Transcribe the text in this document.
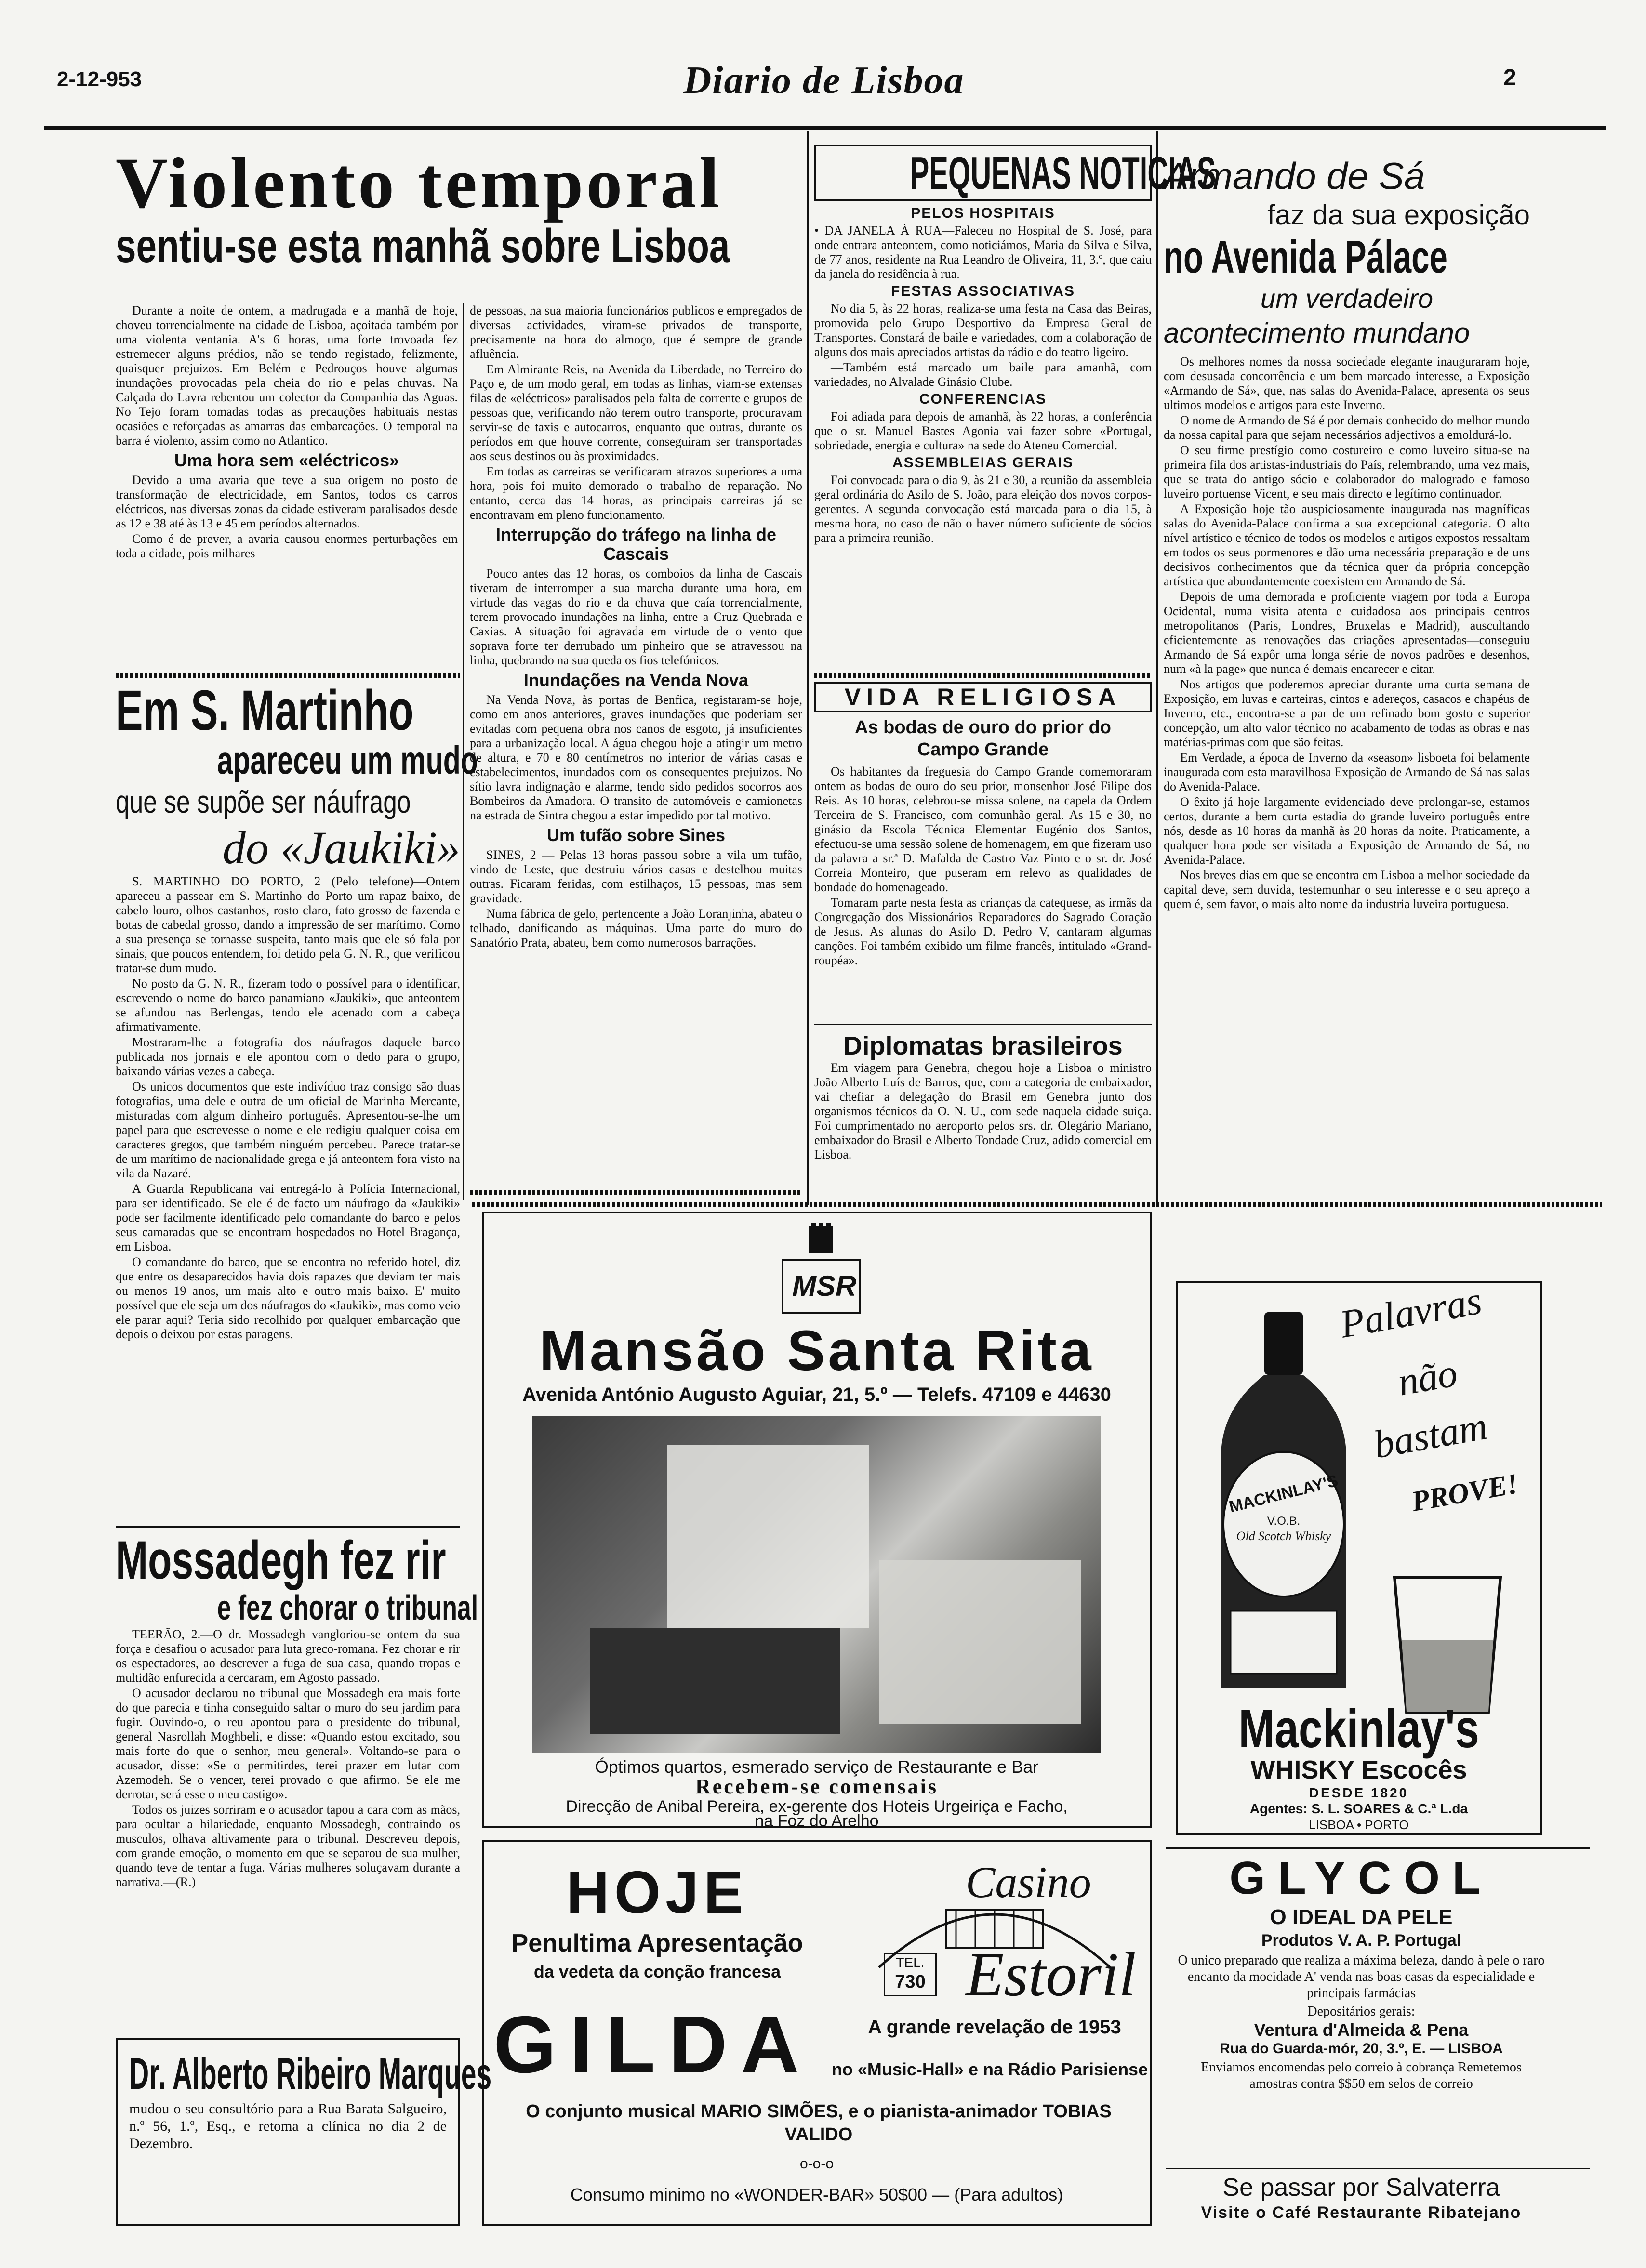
2-12-953	Diario de Lisboa	2
Violento temporal
sentiu-se esta manhã sobre Lisboa

Durante a noite de ontem, a madrugada e a manhã de hoje, choveu torrencialmente na cidade de Lisboa, açoitada também por uma violenta ventania. A's 6 horas, uma forte trovoada fez estremecer alguns prédios, não se tendo registado, felizmente, quaisquer prejuizos. Em Belém e Pedrouços houve algumas inundações provocadas pela cheia do rio e pelas chuvas. Na Calçada do Lavra rebentou um colector da Companhia das Aguas. No Tejo foram tomadas todas as precauções habituais nestas ocasiões e reforçadas as amarras das embarcações. O temporal na barra é violento, assim como no Atlantico.

Uma hora sem «eléctricos»

Devido a uma avaria que teve a sua origem no posto de transformação de electricidade, em Santos, todos os carros eléctricos, nas diversas zonas da cidade estiveram paralisados desde as 12 e 38 até às 13 e 45 em períodos alternados.

Como é de prever, a avaria causou enormes perturbações em toda a cidade, pois milhares

de pessoas, na sua maioria funcionários publicos e empregados de diversas actividades, viram-se privados de transporte, precisamente na hora do almoço, que é sempre de grande afluência.

Em Almirante Reis, na Avenida da Liberdade, no Terreiro do Paço e, de um modo geral, em todas as linhas, viam-se extensas filas de «eléctricos» paralisados pela falta de corrente e grupos de pessoas que, verificando não terem outro transporte, procuravam servir-se de taxis e autocarros, enquanto que outras, durante os períodos em que houve corrente, conseguiram ser transportadas aos seus destinos ou às proximidades.

Em todas as carreiras se verificaram atrazos superiores a uma hora, pois foi muito demorado o trabalho de reparação. No entanto, cerca das 14 horas, as principais carreiras já se encontravam em pleno funcionamento.

Interrupção do tráfego na linha de Cascais

Pouco antes das 12 horas, os comboios da linha de Cascais tiveram de interromper a sua marcha durante uma hora, em virtude das vagas do rio e da chuva que caía torrencialmente, terem provocado inundações na linha, entre a Cruz Quebrada e Caxias. A situação foi agravada em virtude de o vento que soprava forte ter derrubado um pinheiro que se atravessou na linha, quebrando na sua queda os fios telefónicos.

Inundações na Venda Nova

Na Venda Nova, às portas de Benfica, registaram-se hoje, como em anos anteriores, graves inundações que poderiam ser evitadas com pequena obra nos canos de esgoto, já insuficientes para a urbanização local. A água chegou hoje a atingir um metro de altura, e 70 e 80 centímetros no interior de várias casas e estabelecimentos, inundados com os consequentes prejuizos. No sítio lavra indignação e alarme, tendo sido pedidos socorros aos Bombeiros da Amadora. O transito de automóveis e camionetas na estrada de Sintra chegou a estar impedido por tal motivo.

Um tufão sobre Sines

SINES, 2 — Pelas 13 horas passou sobre a vila um tufão, vindo de Leste, que destruiu vários casas e destelhou muitas outras. Ficaram feridas, com estilhaços, 15 pessoas, mas sem gravidade.

Numa fábrica de gelo, pertencente a João Loranjinha, abateu o telhado, danificando as máquinas. Uma parte do muro do Sanatório Prata, abateu, bem como numerosos barrações.

Em S. Martinho
apareceu um mudo
que se supõe ser náufrago
do «Jaukiki»

S. MARTINHO DO PORTO, 2 (Pelo telefone)—Ontem apareceu a passear em S. Martinho do Porto um rapaz baixo, de cabelo louro, olhos castanhos, rosto claro, fato grosso de fazenda e botas de cabedal grosso, dando a impressão de ser marítimo. Como a sua presença se tornasse suspeita, tanto mais que ele só fala por sinais, que poucos entendem, foi detido pela G. N. R., que verificou tratar-se dum mudo.

No posto da G. N. R., fizeram todo o possível para o identificar, escrevendo o nome do barco panamiano «Jaukiki», que anteontem se afundou nas Berlengas, tendo ele acenado com a cabeça afirmativamente.

Mostraram-lhe a fotografia dos náufragos daquele barco publicada nos jornais e ele apontou com o dedo para o grupo, baixando várias vezes a cabeça.

Os unicos documentos que este indivíduo traz consigo são duas fotografias, uma dele e outra de um oficial de Marinha Mercante, misturadas com algum dinheiro português. Apresentou-se-lhe um papel para que escrevesse o nome e ele redigiu qualquer coisa em caracteres gregos, que também ninguém percebeu. Parece tratar-se de um marítimo de nacionalidade grega e já anteontem fora visto na vila da Nazaré.

A Guarda Republicana vai entregá-lo à Polícia Internacional, para ser identificado. Se ele é de facto um náufrago da «Jaukiki» pode ser facilmente identificado pelo comandante do barco e pelos seus camaradas que se encontram hospedados no Hotel Bragança, em Lisboa.

O comandante do barco, que se encontra no referido hotel, diz que entre os desaparecidos havia dois rapazes que deviam ter mais ou menos 19 anos, um mais alto e outro mais baixo. E' muito possível que ele seja um dos náufragos do «Jaukiki», mas como veio ele parar aqui? Teria sido recolhido por qualquer embarcação que depois o deixou por estas paragens.

Mossadegh fez rir
e fez chorar o tribunal

TEERÃO, 2.—O dr. Mossadegh vangloriou-se ontem da sua força e desafiou o acusador para luta greco-romana. Fez chorar e rir os espectadores, ao descrever a fuga de sua casa, quando tropas e multidão enfurecida a cercaram, em Agosto passado.

O acusador declarou no tribunal que Mossadegh era mais forte do que parecia e tinha conseguido saltar o muro do seu jardim para fugir. Ouvindo-o, o reu apontou para o presidente do tribunal, general Nasrollah Moghbeli, e disse: «Quando estou excitado, sou mais forte do que o senhor, meu general». Voltando-se para o acusador, disse: «Se o permitirdes, terei prazer em lutar com Azemodeh. Se o vencer, terei provado o que afirmo. Se ele me derrotar, será esse o meu castigo».

Todos os juizes sorriram e o acusador tapou a cara com as mãos, para ocultar a hilariedade, enquanto Mossadegh, contraindo os musculos, olhava altivamente para o tribunal. Descreveu depois, com grande emoção, o momento em que se separou de sua mulher, quando teve de tentar a fuga. Várias mulheres soluçavam durante a narrativa.—(R.)

Dr. Alberto Ribeiro Marques
mudou o seu consultório para a Rua Barata Salgueiro, n.º 56, 1.º, Esq., e retoma a clínica no dia 2 de Dezembro.
PEQUENAS NOTICIAS
PELOS HOSPITAIS

• DA JANELA À RUA—Faleceu no Hospital de S. José, para onde entrara anteontem, como noticiámos, Maria da Silva e Silva, de 77 anos, residente na Rua Leandro de Oliveira, 11, 3.º, que caiu da janela do residência à rua.

FESTAS ASSOCIATIVAS

No dia 5, às 22 horas, realiza-se uma festa na Casa das Beiras, promovida pelo Grupo Desportivo da Empresa Geral de Transportes. Constará de baile e variedades, com a colaboração de alguns dos mais apreciados artistas da rádio e do teatro ligeiro.

—Também está marcado um baile para amanhã, com variedades, no Alvalade Ginásio Clube.

CONFERENCIAS

Foi adiada para depois de amanhã, às 22 horas, a conferência que o sr. Manuel Bastes Agonia vai fazer sobre «Portugal, sobriedade, energia e cultura» na sede do Ateneu Comercial.

ASSEMBLEIAS GERAIS

Foi convocada para o dia 9, às 21 e 30, a reunião da assembleia geral ordinária do Asilo de S. João, para eleição dos novos corpos-gerentes. A segunda convocação está marcada para o dia 15, à mesma hora, no caso de não o haver número suficiente de sócios para a primeira reunião.

VIDA RELIGIOSA
As bodas de ouro do prior do Campo Grande

Os habitantes da freguesia do Campo Grande comemoraram ontem as bodas de ouro do seu prior, monsenhor José Filipe dos Reis. As 10 horas, celebrou-se missa solene, na capela da Ordem Terceira de S. Francisco, com comunhão geral. As 15 e 30, no ginásio da Escola Técnica Elementar Eugénio dos Santos, efectuou-se uma sessão solene de homenagem, em que fizeram uso da palavra a sr.ª D. Mafalda de Castro Vaz Pinto e o sr. dr. José Correia Monteiro, que puseram em relevo as qualidades de bondade do homenageado.

Tomaram parte nesta festa as crianças da catequese, as irmãs da Congregação dos Missionários Reparadores do Sagrado Coração de Jesus. As alunas do Asilo D. Pedro V, cantaram algumas canções. Foi também exibido um filme francês, intitulado «Grand-roupéa».

Diplomatas brasileiros

Em viagem para Genebra, chegou hoje a Lisboa o ministro João Alberto Luís de Barros, que, com a categoria de embaixador, vai chefiar a delegação do Brasil em Genebra junto dos organismos técnicos da O. N. U., com sede naquela cidade suiça. Foi cumprimentado no aeroporto pelos srs. dr. Olegário Mariano, embaixador do Brasil e Alberto Tondade Cruz, adido comercial em Lisboa.

Armando de Sá
faz da sua exposição
no Avenida Pálace
um verdadeiro
acontecimento mundano

Os melhores nomes da nossa sociedade elegante inauguraram hoje, com desusada concorrência e um bem marcado interesse, a Exposição «Armando de Sá», que, nas salas do Avenida-Palace, apresenta os seus ultimos modelos e artigos para este Inverno.

O nome de Armando de Sá é por demais conhecido do melhor mundo da nossa capital para que sejam necessários adjectivos a emoldurá-lo.

O seu firme prestígio como costureiro e como luveiro situa-se na primeira fila dos artistas-industriais do País, relembrando, uma vez mais, que se trata do antigo sócio e colaborador do malogrado e famoso luveiro portuense Vicent, e seu mais directo e legítimo continuador.

A Exposição hoje tão auspiciosamente inaugurada nas magníficas salas do Avenida-Palace confirma a sua excepcional categoria. O alto nível artístico e técnico de todos os modelos e artigos expostos ressaltam em todos os seus pormenores e dão uma necessária preparação e de uns decisivos conhecimentos que da técnica quer da própria concepção artística que abundantemente coexistem em Armando de Sá.

Depois de uma demorada e proficiente viagem por toda a Europa Ocidental, numa visita atenta e cuidadosa aos principais centros metropolitanos (Paris, Londres, Bruxelas e Madrid), auscultando eficientemente as renovações das criações apresentadas—conseguiu Armando de Sá expôr uma longa série de novos padrões e desenhos, num «à la page» que nunca é demais encarecer e citar.

Nos artigos que poderemos apreciar durante uma curta semana de Exposição, em luvas e carteiras, cintos e adereços, casacos e chapéus de Inverno, etc., encontra-se a par de um refinado bom gosto e superior concepção, um alto valor técnico no acabamento de todas as obras e nas matérias-primas com que são feitas.

Em Verdade, a época de Inverno da «season» lisboeta foi belamente inaugurada com esta maravilhosa Exposição de Armando de Sá nas salas do Avenida-Palace.

O êxito já hoje largamente evidenciado deve prolongar-se, estamos certos, durante a bem curta estadia do grande luveiro português entre nós, desde as 10 horas da manhã às 20 horas da noite. Praticamente, a qualquer hora pode ser visitada a Exposição de Armando de Sá, no Avenida-Palace.

Nos breves dias em que se encontra em Lisboa a melhor sociedade da capital deve, sem duvida, testemunhar o seu interesse e o seu apreço a quem é, sem favor, o mais alto nome da industria luveira portuguesa.

MSR
Mansão Santa Rita
Avenida António Augusto Aguiar, 21, 5.º — Telefs. 47109 e 44630
Óptimos quartos, esmerado serviço de Restaurante e Bar
Recebem-se comensais
Direcção de Anibal Pereira, ex-gerente dos Hoteis Urgeiriça e Facho,
na Foz do Arelho
HOJE
Penultima Apresentação
da vedeta da conção francesa
Casino
Estoril
TEL.
730
GILDA	A grande revelação de 1953
no «Music-Hall» e na Rádio Parisiense
O conjunto musical MARIO SIMÕES, e o pianista-animador TOBIAS VALIDO
o-o-o
Consumo minimo no «WONDER-BAR» 50$00 — (Para adultos)
MACKINLAY'S
V.O.B.
Old Scotch Whisky
Palavras
não
bastam
PROVE!
Mackinlay's
WHISKY Escocês
DESDE 1820
Agentes: S. L. SOARES & C.ª L.da
LISBOA • PORTO
GLYCOL
O IDEAL DA PELE
Produtos V. A. P. Portugal
O unico preparado que realiza a máxima beleza, dando à pele o raro encanto da mocidade A' venda nas boas casas da especialidade e principais farmácias
Depositários gerais:
Ventura d'Almeida & Pena
Rua do Guarda-mór, 20, 3.º, E. — LISBOA
Enviamos encomendas pelo correio à cobrança Remetemos amostras contra $$50 em selos de correio
Se passar por Salvaterra
Visite o Café Restaurante Ribatejano
